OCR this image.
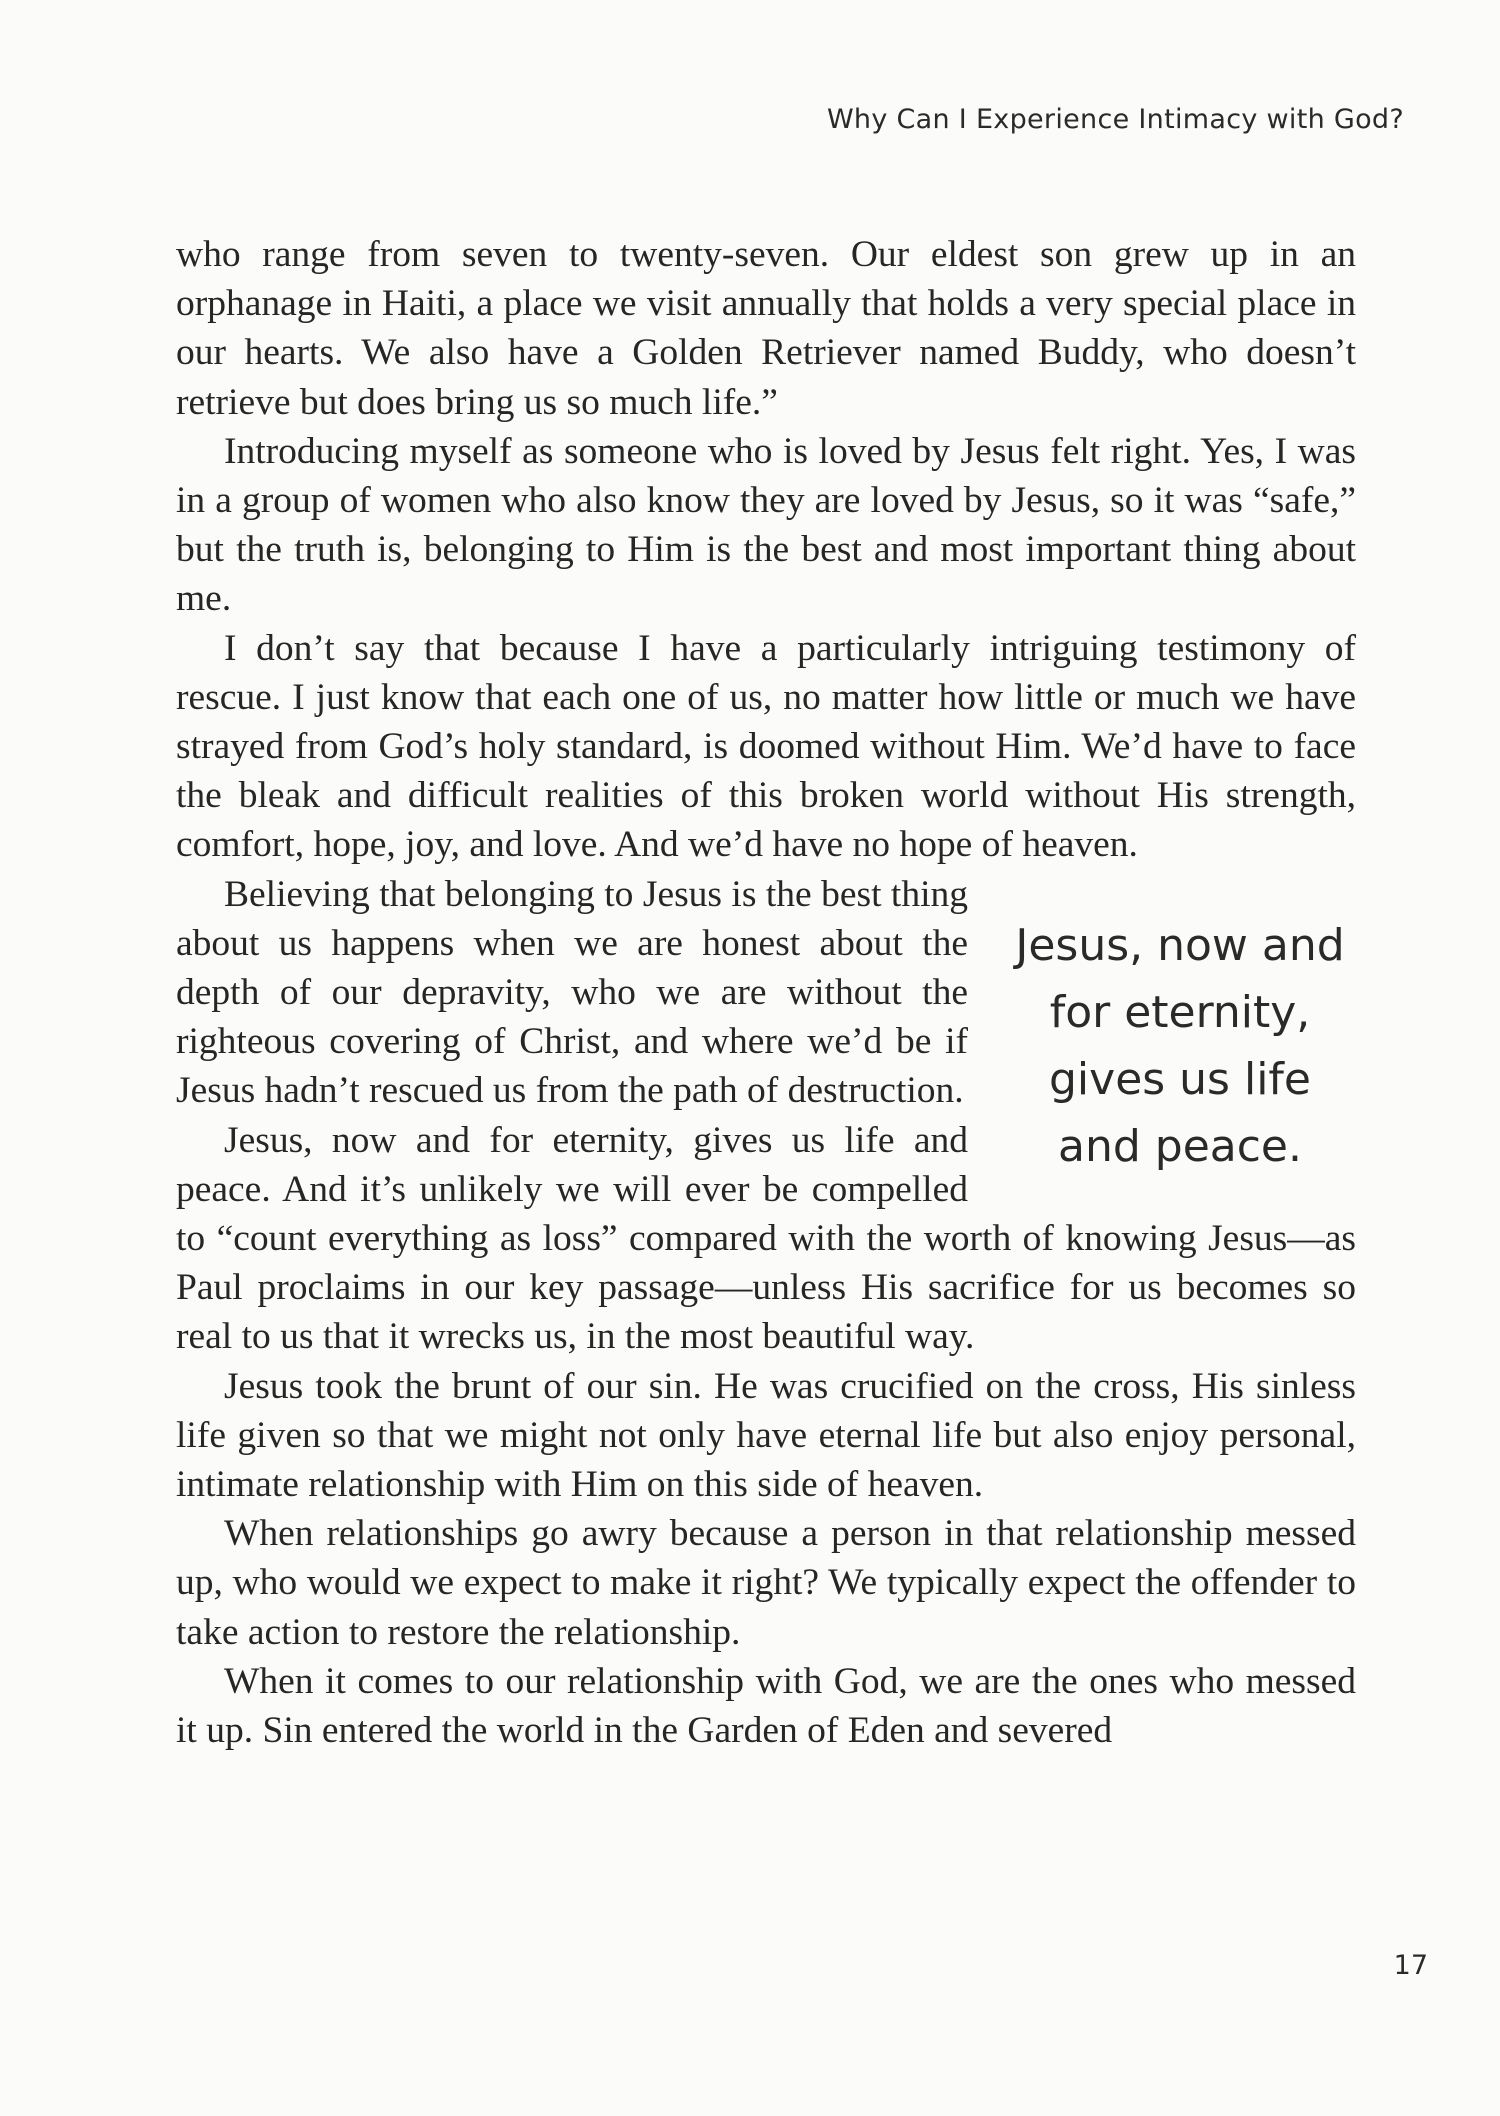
Why Can I Experience Intimacy with God?

who range from seven to twenty-seven. Our eldest son grew up in an orphanage in Haiti, a place we visit annually that holds a very special place in our hearts. We also have a Golden Retriever named Buddy, who doesn’t retrieve but does bring us so much life.”

Introducing myself as someone who is loved by Jesus felt right. Yes, I was in a group of women who also know they are loved by Jesus, so it was “safe,” but the truth is, belonging to Him is the best and most important thing about me.

I don’t say that because I have a particularly intriguing testimony of rescue. I just know that each one of us, no matter how little or much we have strayed from God’s holy standard, is doomed without Him. We’d have to face the bleak and difficult realities of this broken world without His strength, comfort, hope, joy, and love. And we’d have no hope of heaven.

Jesus, now and for eternity, gives us life and peace.

Believing that belonging to Jesus is the best thing about us happens when we are honest about the depth of our depravity, who we are without the righteous covering of Christ, and where we’d be if Jesus hadn’t rescued us from the path of destruction.

Jesus, now and for eternity, gives us life and peace. And it’s unlikely we will ever be compelled to “count everything as loss” compared with the worth of knowing Jesus—as Paul proclaims in our key passage—unless His sacrifice for us becomes so real to us that it wrecks us, in the most beautiful way.

Jesus took the brunt of our sin. He was crucified on the cross, His sinless life given so that we might not only have eternal life but also enjoy personal, intimate relationship with Him on this side of heaven.

When relationships go awry because a person in that relationship messed up, who would we expect to make it right? We typically expect the offender to take action to restore the relationship.

When it comes to our relationship with God, we are the ones who messed it up. Sin entered the world in the Garden of Eden and severed

17
